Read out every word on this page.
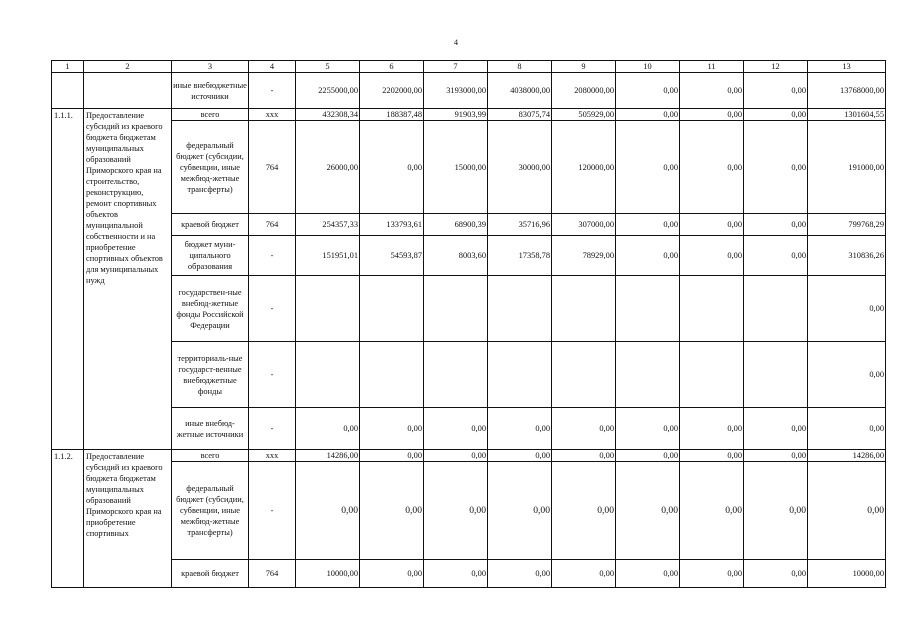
4
1	2	3	4	5	6	7	8	9	10	11	12	13
		иные внебюджетные источники	-	2255000,00	2202000,00	3193000,00	4038000,00	2080000,00	0,00	0,00	0,00	13768000,00
1.1.1.	Предоставление субсидий из краевого бюджета бюджетам муниципальных образований Приморского края на строительство, реконструкцию, ремонт спортивных объектов муниципальной собственности и на приобретение спортивных объектов для муниципальных нужд	всего	xxx	432308,34	188387,48	91903,99	83075,74	505929,00	0,00	0,00	0,00	1301604,55
		федеральный бюджет (субсидии, субвенции, иные межбюд-жетные трансферты)	764	26000,00	0,00	15000,00	30000,00	120000,00	0,00	0,00	0,00	191000,00
		краевой бюджет	764	254357,33	133793,61	68900,39	35716,96	307000,00	0,00	0,00	0,00	799768,29
		бюджет муни-ципального образования	-	151951,01	54593,87	8003,60	17358,78	78929,00	0,00	0,00	0,00	310836,26
		государствен-ные внебюд-жетные фонды Российской Федерации	-									0,00
		территориаль-ные государст-венные внебюджетные фонды	-									0,00
		иные внебюд-жетные источники	-	0,00	0,00	0,00	0,00	0,00	0,00	0,00	0,00	0,00
1.1.2.	Предоставление субсидий из краевого бюджета бюджетам муниципальных образований Приморского края на приобретение спортивных	всего	xxx	14286,00	0,00	0,00	0,00	0,00	0,00	0,00	0,00	14286,00
		федеральный бюджет (субсидии, субвенции, иные межбюд-жетные трансферты)	-	0,00	0,00	0,00	0,00	0,00	0,00	0,00	0,00	0,00
		краевой бюджет	764	10000,00	0,00	0,00	0,00	0,00	0,00	0,00	0,00	10000,00
